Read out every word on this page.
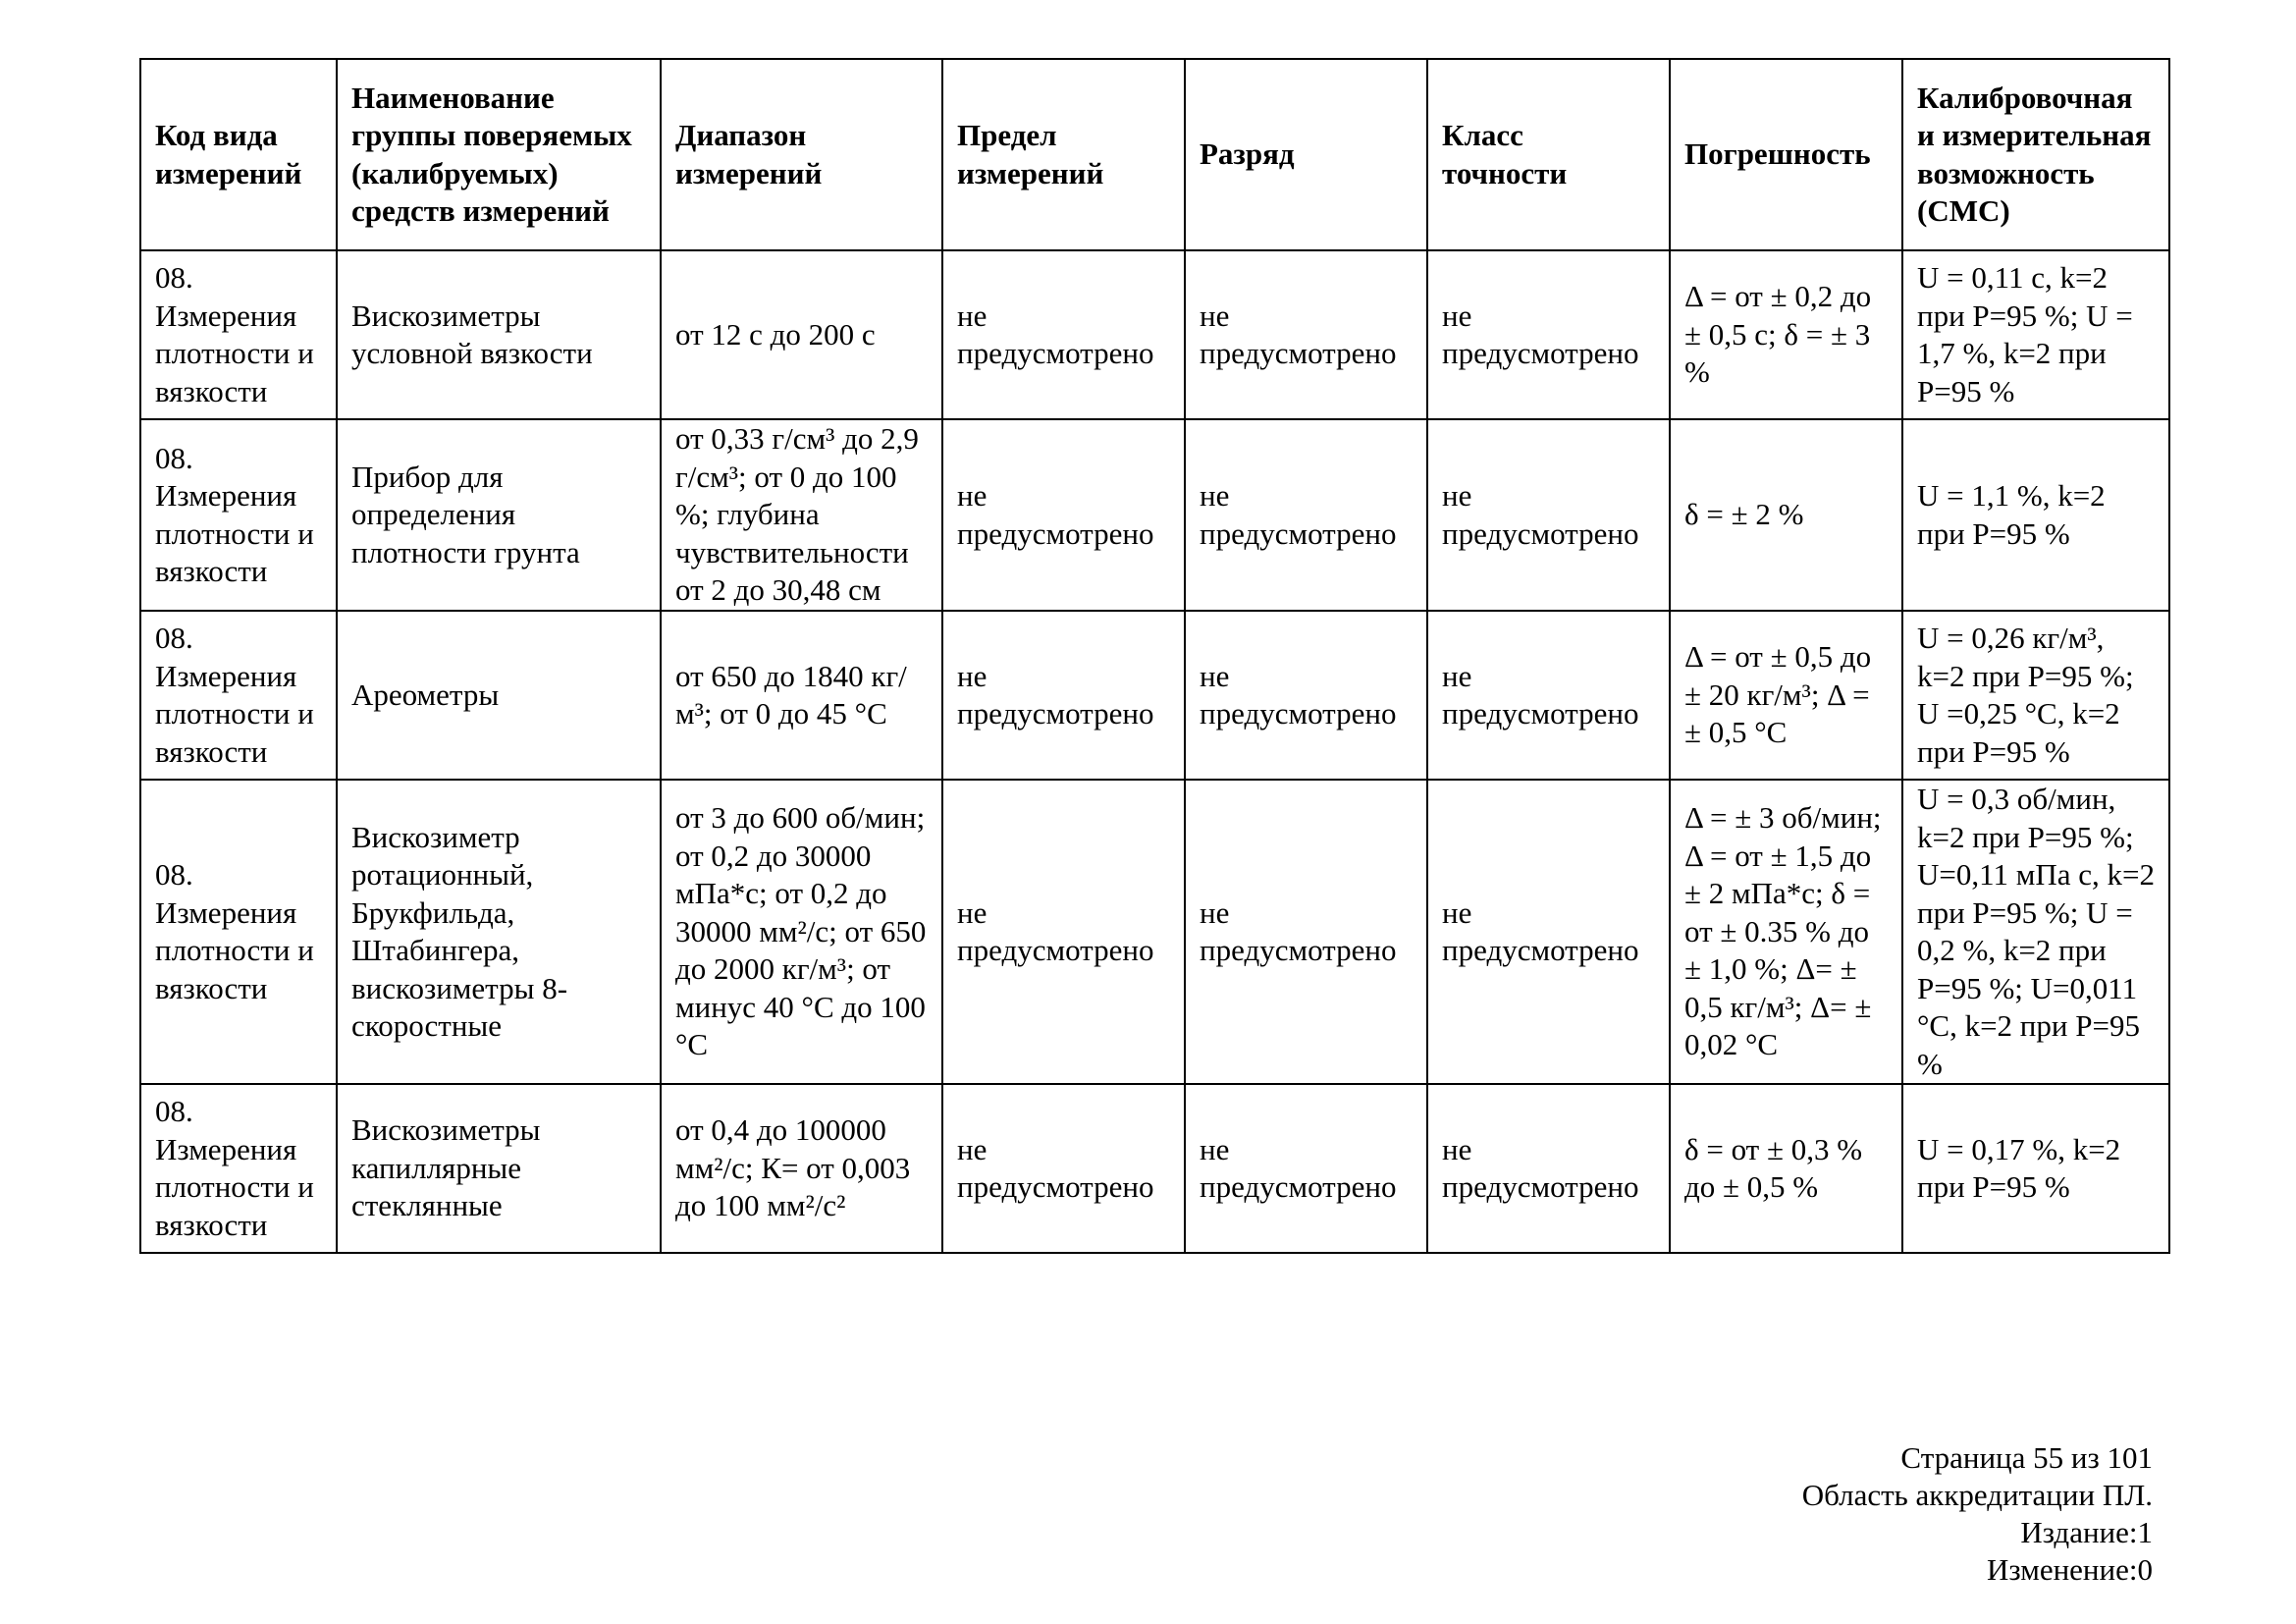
Код вида измерений	Наименование группы поверяемых (калибруемых) средств измерений	Диапазон измерений	Предел измерений	Разряд	Класс точности	Погрешность	Калибровочная и измерительная возможность (СМС)
08. Измерения плотности и вязкости	Вискозиметры условной вязкости	от 12 с до 200 с	не предусмотрено	не предусмотрено	не предусмотрено	Δ = от ± 0,2 до ± 0,5 с; δ = ± 3 %	U = 0,11 с, k=2 при P=95 %; U = 1,7 %, k=2 при P=95 %
08. Измерения плотности и вязкости	Прибор для определения плотности грунта	от 0,33 г/см³ до 2,9 г/см³; от 0 до 100 %; глубина чувствительности от 2 до 30,48 см	не предусмотрено	не предусмотрено	не предусмотрено	δ = ± 2 %	U = 1,1 %, k=2 при P=95 %
08. Измерения плотности и вязкости	Ареометры	от 650 до 1840 кг/м³; от 0 до 45 °С	не предусмотрено	не предусмотрено	не предусмотрено	Δ = от ± 0,5 до ± 20 кг/м³; Δ = ± 0,5 °С	U = 0,26 кг/м³, k=2 при P=95 %; U =0,25 °С, k=2 при P=95 %
08. Измерения плотности и вязкости	Вискозиметр ротационный, Брукфильда, Штабингера, вискозиметры 8-скоростные	от 3 до 600 об/мин; от 0,2 до 30000 мПа*с; от 0,2 до 30000 мм²/с; от 650 до 2000 кг/м³; от минус 40 °С до 100 °С	не предусмотрено	не предусмотрено	не предусмотрено	Δ = ± 3 об/мин; Δ = от ± 1,5 до ± 2 мПа*с; δ = от ± 0.35 % до ± 1,0 %; Δ= ± 0,5 кг/м³; Δ= ± 0,02 °С	U = 0,3 об/мин, k=2 при P=95 %; U=0,11 мПа с, k=2 при P=95 %; U = 0,2 %, k=2 при P=95 %; U=0,011 °С, k=2 при P=95 %
08. Измерения плотности и вязкости	Вискозиметры капиллярные стеклянные	от 0,4 до 100000 мм²/с; К= от 0,003 до 100 мм²/с²	не предусмотрено	не предусмотрено	не предусмотрено	δ = от ± 0,3 % до ± 0,5 %	U = 0,17 %, k=2 при P=95 %
Страница 55 из 101
Область аккредитации ПЛ.
Издание:1
Изменение:0
